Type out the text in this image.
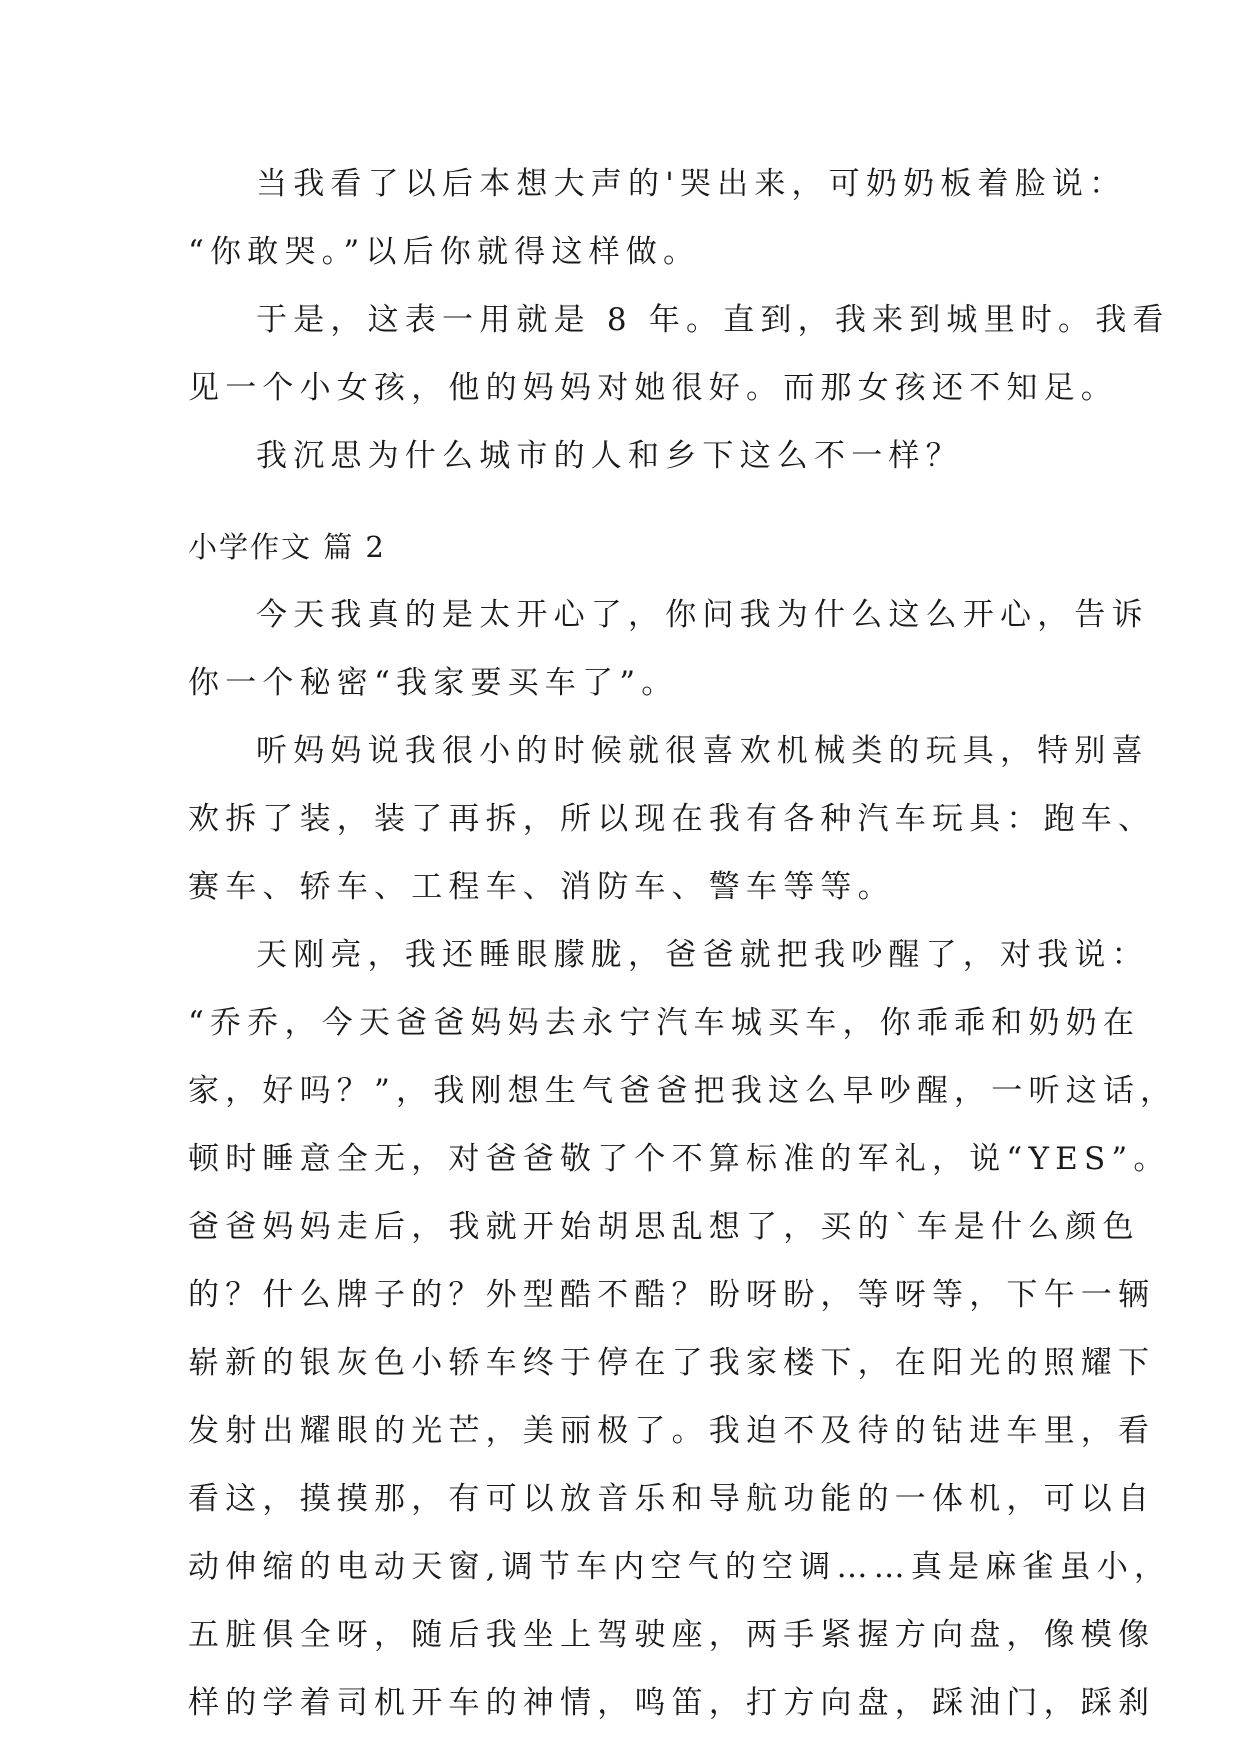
当我看了以后本想大声的'哭出来，可奶奶板着脸说：

“你敢哭。”以后你就得这样做。

于是，这表一用就是 8 年。直到，我来到城里时。我看

见一个小女孩，他的妈妈对她很好。而那女孩还不知足。

我沉思为什么城市的人和乡下这么不一样？

小学作文 篇 2

今天我真的是太开心了，你问我为什么这么开心，告诉

你一个秘密“我家要买车了”。

听妈妈说我很小的时候就很喜欢机械类的玩具，特别喜

欢拆了装，装了再拆，所以现在我有各种汽车玩具：跑车、

赛车、轿车、工程车、消防车、警车等等。

天刚亮，我还睡眼朦胧，爸爸就把我吵醒了，对我说：

“乔乔，今天爸爸妈妈去永宁汽车城买车，你乖乖和奶奶在

家，好吗？”，我刚想生气爸爸把我这么早吵醒，一听这话，

顿时睡意全无，对爸爸敬了个不算标准的军礼，说“YES”。

爸爸妈妈走后，我就开始胡思乱想了，买的`车是什么颜色

的？什么牌子的？外型酷不酷？盼呀盼，等呀等，下午一辆

崭新的银灰色小轿车终于停在了我家楼下，在阳光的照耀下

发射出耀眼的光芒，美丽极了。我迫不及待的钻进车里，看

看这，摸摸那，有可以放音乐和导航功能的一体机，可以自

动伸缩的电动天窗,调节车内空气的空调……真是麻雀虽小，

五脏俱全呀，随后我坐上驾驶座，两手紧握方向盘，像模像

样的学着司机开车的神情，鸣笛，打方向盘，踩油门，踩刹
